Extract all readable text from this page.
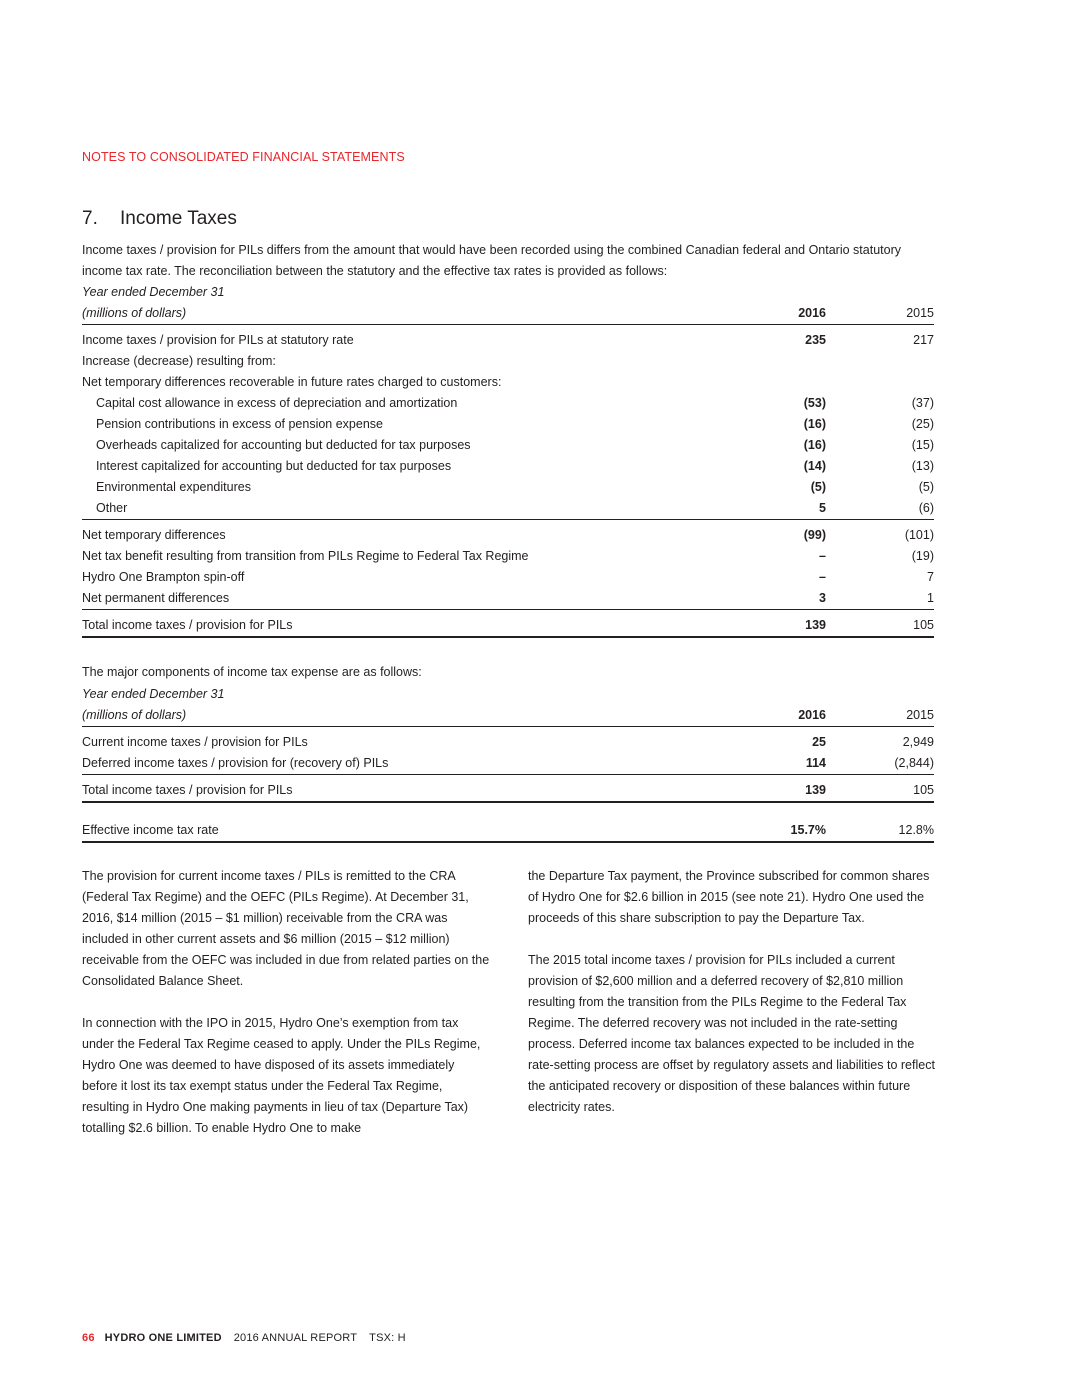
NOTES TO CONSOLIDATED FINANCIAL STATEMENTS
7. Income Taxes
Income taxes / provision for PILs differs from the amount that would have been recorded using the combined Canadian federal and Ontario statutory income tax rate. The reconciliation between the statutory and the effective tax rates is provided as follows:
Year ended December 31
(millions of dollars)	2016	2015
Income taxes / provision for PILs at statutory rate	235	217
Increase (decrease) resulting from:
Net temporary differences recoverable in future rates charged to customers:
Capital cost allowance in excess of depreciation and amortization	(53)	(37)
Pension contributions in excess of pension expense	(16)	(25)
Overheads capitalized for accounting but deducted for tax purposes	(16)	(15)
Interest capitalized for accounting but deducted for tax purposes	(14)	(13)
Environmental expenditures	(5)	(5)
Other	5	(6)
Net temporary differences	(99)	(101)
Net tax benefit resulting from transition from PILs Regime to Federal Tax Regime	–	(19)
Hydro One Brampton spin-off	–	7
Net permanent differences	3	1
Total income taxes / provision for PILs	139	105
The major components of income tax expense are as follows:
Year ended December 31
(millions of dollars)	2016	2015
Current income taxes / provision for PILs	25	2,949
Deferred income taxes / provision for (recovery of) PILs	114	(2,844)
Total income taxes / provision for PILs	139	105
Effective income tax rate	15.7%	12.8%

The provision for current income taxes / PILs is remitted to the CRA (Federal Tax Regime) and the OEFC (PILs Regime). At December 31, 2016, $14 million (2015 – $1 million) receivable from the CRA was included in other current assets and $6 million (2015 – $12 million) receivable from the OEFC was included in due from related parties on the Consolidated Balance Sheet.

In connection with the IPO in 2015, Hydro One’s exemption from tax under the Federal Tax Regime ceased to apply. Under the PILs Regime, Hydro One was deemed to have disposed of its assets immediately before it lost its tax exempt status under the Federal Tax Regime, resulting in Hydro One making payments in lieu of tax (Departure Tax) totalling $2.6 billion. To enable Hydro One to make

the Departure Tax payment, the Province subscribed for common shares of Hydro One for $2.6 billion in 2015 (see note 21). Hydro One used the proceeds of this share subscription to pay the Departure Tax.

The 2015 total income taxes / provision for PILs included a current provision of $2,600 million and a deferred recovery of $2,810 million resulting from the transition from the PILs Regime to the Federal Tax Regime. The deferred recovery was not included in the rate-setting process. Deferred income tax balances expected to be included in the rate-setting process are offset by regulatory assets and liabilities to reflect the anticipated recovery or disposition of these balances within future electricity rates.

66 HYDRO ONE LIMITED 2016 ANNUAL REPORT TSX: H
